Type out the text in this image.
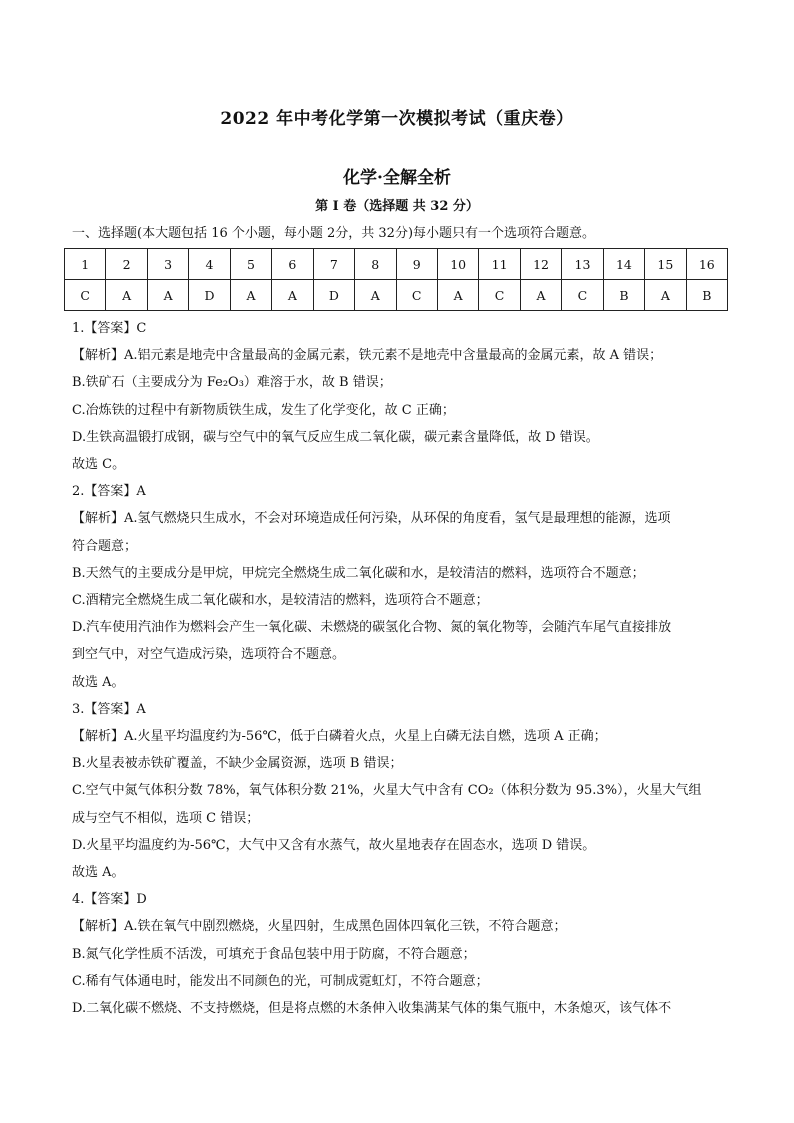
2022 年中考化学第一次模拟考试（重庆卷）
化学·全解全析
第 I 卷（选择题 共 32 分）
一、选择题(本大题包括 16 个小题，每小题 2分，共 32分)每小题只有一个选项符合题意。
1	2	3	4	5	6	7	8	9	10	11	12	13	14	15	16
C	A	A	D	A	A	D	A	C	A	C	A	C	B	A	B

1.【答案】C

【解析】A.铝元素是地壳中含量最高的金属元素，铁元素不是地壳中含量最高的金属元素，故 A 错误；

B.铁矿石（主要成分为 Fe₂O₃）难溶于水，故 B 错误；

C.冶炼铁的过程中有新物质铁生成，发生了化学变化，故 C 正确；

D.生铁高温锻打成钢，碳与空气中的氧气反应生成二氧化碳，碳元素含量降低，故 D 错误。

故选 C。

2.【答案】A

【解析】A.氢气燃烧只生成水，不会对环境造成任何污染，从环保的角度看，氢气是最理想的能源，选项

符合题意；

B.天然气的主要成分是甲烷，甲烷完全燃烧生成二氧化碳和水，是较清洁的燃料，选项符合不题意；

C.酒精完全燃烧生成二氧化碳和水，是较清洁的燃料，选项符合不题意；

D.汽车使用汽油作为燃料会产生一氧化碳、未燃烧的碳氢化合物、氮的氧化物等，会随汽车尾气直接排放

到空气中，对空气造成污染，选项符合不题意。

故选 A。

3.【答案】A

【解析】A.火星平均温度约为-56℃，低于白磷着火点，火星上白磷无法自燃，选项 A 正确；

B.火星表被赤铁矿覆盖，不缺少金属资源，选项 B 错误；

C.空气中氮气体积分数 78%，氧气体积分数 21%，火星大气中含有 CO₂（体积分数为 95.3%），火星大气组

成与空气不相似，选项 C 错误；

D.火星平均温度约为-56℃，大气中又含有水蒸气，故火星地表存在固态水，选项 D 错误。

故选 A。

4.【答案】D

【解析】A.铁在氧气中剧烈燃烧，火星四射，生成黑色固体四氧化三铁，不符合题意；

B.氮气化学性质不活泼，可填充于食品包装中用于防腐，不符合题意；

C.稀有气体通电时，能发出不同颜色的光，可制成霓虹灯，不符合题意；

D.二氧化碳不燃烧、不支持燃烧，但是将点燃的木条伸入收集满某气体的集气瓶中，木条熄灭，该气体不
